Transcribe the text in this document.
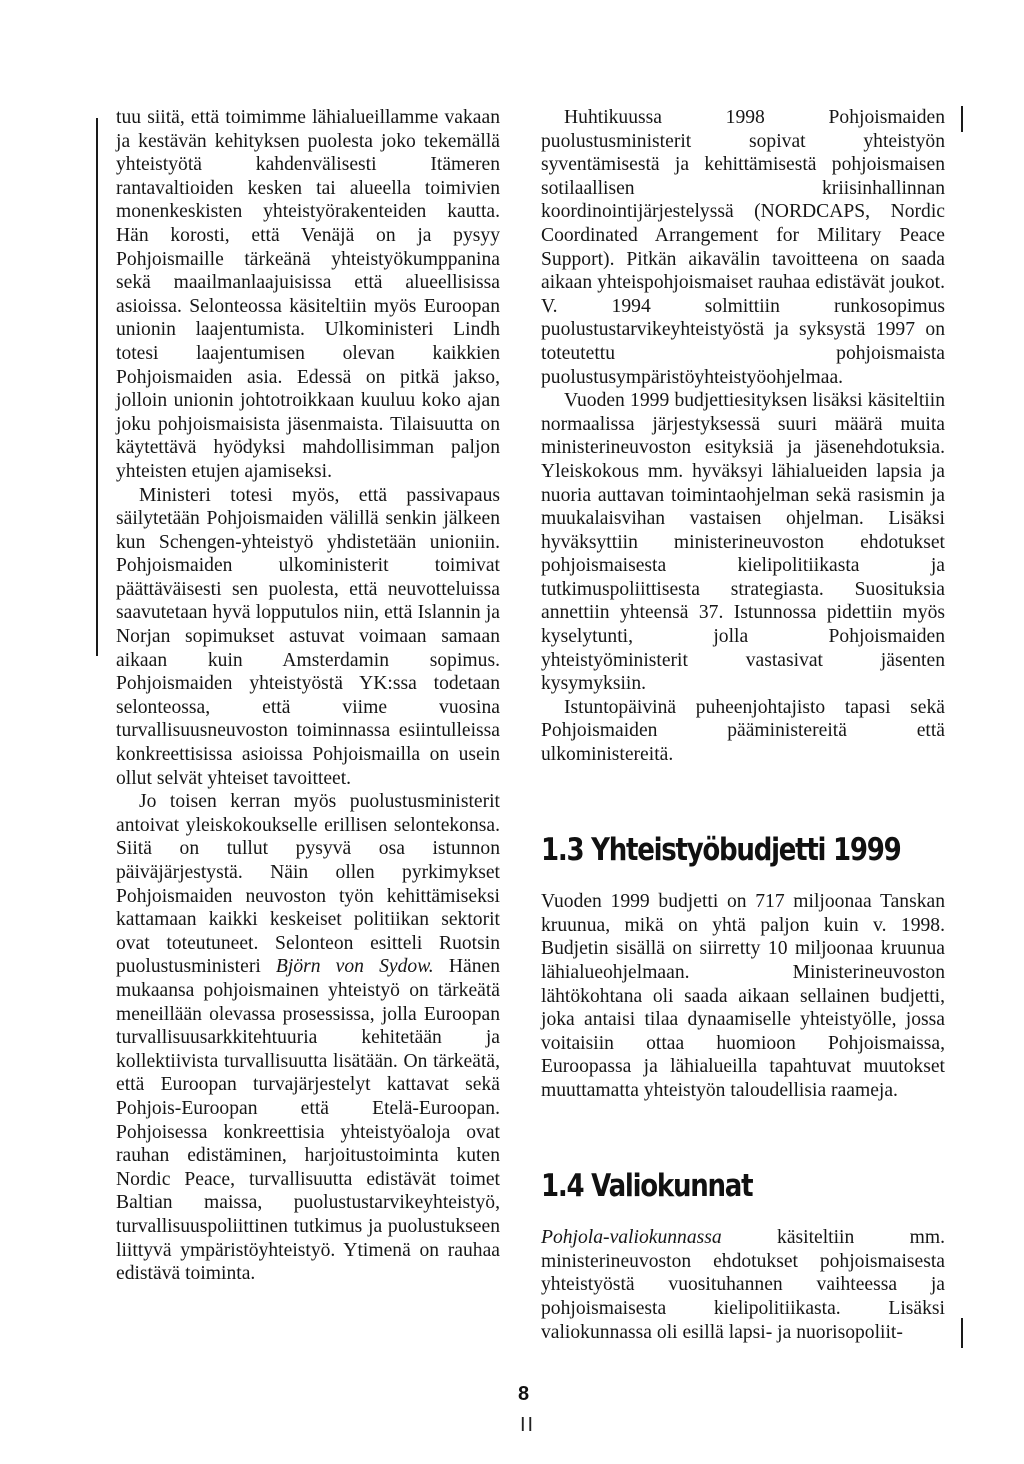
tuu siitä, että toimimme lähialueillamme vakaan ja kestävän kehityksen puolesta joko tekemällä yhteistyötä kahdenvälisesti Itämeren rantavaltioiden kesken tai alueella toimivien monenkeskisten yhteistyörakenteiden kautta. Hän korosti, että Venäjä on ja pysyy Pohjoismaille tärkeänä yhteistyökumppanina sekä maailmanlaajuisissa että alueellisissa asioissa. Selonteossa käsiteltiin myös Euroopan unionin laajentumista. Ulkoministeri Lindh totesi laajentumisen olevan kaikkien Pohjoismaiden asia. Edessä on pitkä jakso, jolloin unionin johtotroikkaan kuuluu koko ajan joku pohjoismaisista jäsenmaista. Tilaisuutta on käytettävä hyödyksi mahdollisimman paljon yhteisten etujen ajamiseksi.

Ministeri totesi myös, että passivapaus säilytetään Pohjoismaiden välillä senkin jälkeen kun Schengen-yhteistyö yhdistetään unioniin. Pohjoismaiden ulkoministerit toimivat päättäväisesti sen puolesta, että neuvotteluissa saavutetaan hyvä lopputulos niin, että Islannin ja Norjan sopimukset astuvat voimaan samaan aikaan kuin Amsterdamin sopimus. Pohjoismaiden yhteistyöstä YK:ssa todetaan selonteossa, että viime vuosina turvallisuusneuvoston toiminnassa esiintulleissa konkreettisissa asioissa Pohjoismailla on usein ollut selvät yhteiset tavoitteet.

Jo toisen kerran myös puolustusministerit antoivat yleiskokoukselle erillisen selontekonsa. Siitä on tullut pysyvä osa istunnon päiväjärjestystä. Näin ollen pyrkimykset Pohjoismaiden neuvoston työn kehittämiseksi kattamaan kaikki keskeiset politiikan sektorit ovat toteutuneet. Selonteon esitteli Ruotsin puolustusministeri Björn von Sydow. Hänen mukaansa pohjoismainen yhteistyö on tärkeätä meneillään olevassa prosessissa, jolla Euroopan turvallisuusarkkitehtuuria kehitetään ja kollektiivista turvallisuutta lisätään. On tärkeätä, että Euroopan turvajärjestelyt kattavat sekä Pohjois-Euroopan että Etelä-Euroopan. Pohjoisessa konkreettisia yhteistyöaloja ovat rauhan edistäminen, harjoitustoiminta kuten Nordic Peace, turvallisuutta edistävät toimet Baltian maissa, puolustustarvikeyhteistyö, turvallisuuspoliittinen tutkimus ja puolustukseen liittyvä ympäristöyhteistyö. Ytimenä on rauhaa edistävä toiminta.

Huhtikuussa 1998 Pohjoismaiden puolustusministerit sopivat yhteistyön syventämisestä ja kehittämisestä pohjoismaisen sotilaallisen kriisinhallinnan koordinointijärjestelyssä (NORDCAPS, Nordic Coordinated Arrangement for Military Peace Support). Pitkän aikavälin tavoitteena on saada aikaan yhteispohjoismaiset rauhaa edistävät joukot. V. 1994 solmittiin runkosopimus puolustustarvikeyhteistyöstä ja syksystä 1997 on toteutettu pohjoismaista puolustusympäristöyhteistyöohjelmaa.

Vuoden 1999 budjettiesityksen lisäksi käsiteltiin normaalissa järjestyksessä suuri määrä muita ministerineuvoston esityksiä ja jäsenehdotuksia. Yleiskokous mm. hyväksyi lähialueiden lapsia ja nuoria auttavan toimintaohjelman sekä rasismin ja muukalaisvihan vastaisen ohjelman. Lisäksi hyväksyttiin ministerineuvoston ehdotukset pohjoismaisesta kielipolitiikasta ja tutkimuspoliittisesta strategiasta. Suosituksia annettiin yhteensä 37. Istunnossa pidettiin myös kyselytunti, jolla Pohjoismaiden yhteistyöministerit vastasivat jäsenten kysymyksiin.

Istuntopäivinä puheenjohtajisto tapasi sekä Pohjoismaiden pääministereitä että ulkoministereitä.

1.3 Yhteistyöbudjetti 1999

Vuoden 1999 budjetti on 717 miljoonaa Tanskan kruunua, mikä on yhtä paljon kuin v. 1998. Budjetin sisällä on siirretty 10 miljoonaa kruunua lähialueohjelmaan. Ministerineuvoston lähtökohtana oli saada aikaan sellainen budjetti, joka antaisi tilaa dynaamiselle yhteistyölle, jossa voitaisiin ottaa huomioon Pohjoismaissa, Euroopassa ja lähialueilla tapahtuvat muutokset muuttamatta yhteistyön taloudellisia raameja.

1.4 Valiokunnat

Pohjola-valiokunnassa käsiteltiin mm. ministerineuvoston ehdotukset pohjoismaisesta yhteistyöstä vuosituhannen vaihteessa ja pohjoismaisesta kielipolitiikasta. Lisäksi valiokunnassa oli esillä lapsi- ja nuorisopoliit-

8
II
